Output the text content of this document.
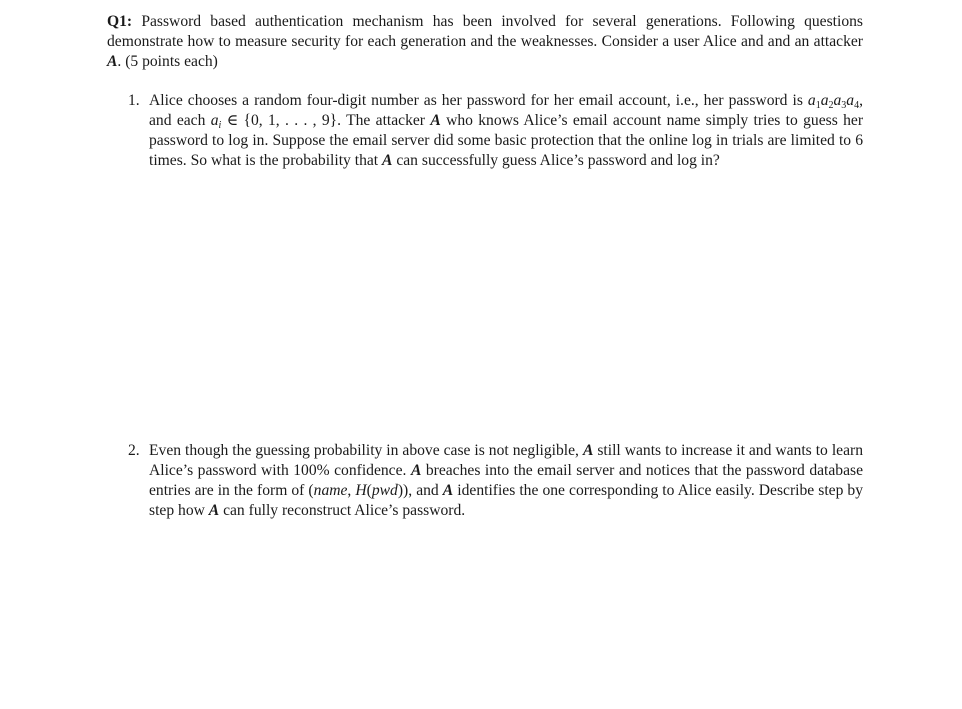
Q1: Password based authentication mechanism has been involved for several generations. Following questions demonstrate how to measure security for each generation and the weaknesses. Consider a user Alice and and an attacker A. (5 points each)
1. Alice chooses a random four-digit number as her password for her email account, i.e., her password is $a_1a_2a_3a_4$, and each $a_i$ ∈ {0, 1, . . . , 9}. The attacker A who knows Alice’s email account name simply tries to guess her password to log in. Suppose the email server did some basic protection that the online log in trials are limited to 6 times. So what is the probability that A can successfully guess Alice’s password and log in?
2. Even though the guessing probability in above case is not negligible, A still wants to increase it and wants to learn Alice’s password with 100% confidence. A breaches into the email server and notices that the password database entries are in the form of (name, H(pwd)), and A identifies the one corresponding to Alice easily. Describe step by step how A can fully reconstruct Alice’s password.
